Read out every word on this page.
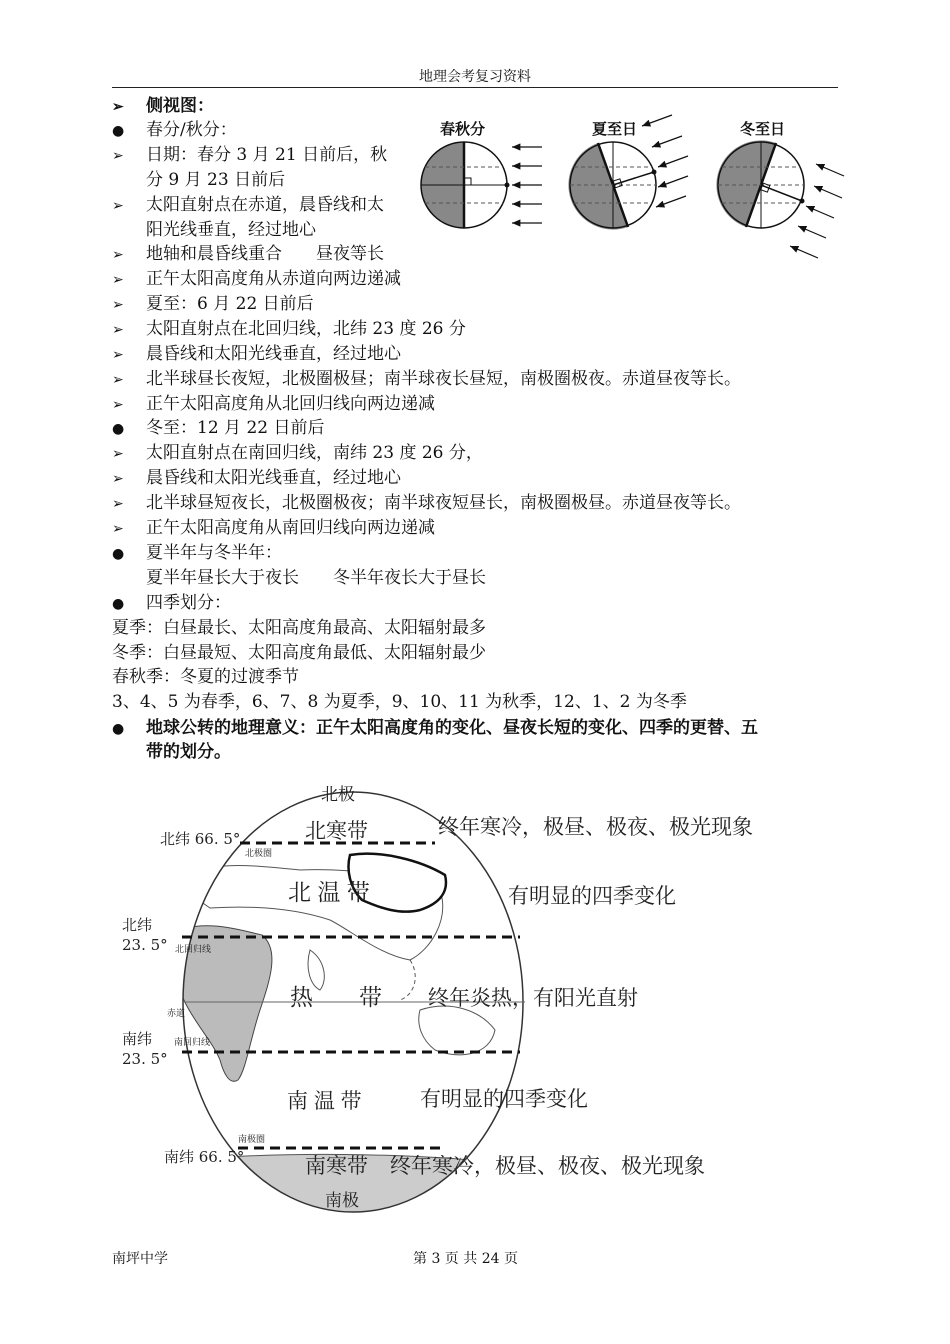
地理会考复习资料
➢ 侧视图：
● 春分/秋分：
➢ 日期：春分 3 月 21 日前后，秋
分 9 月 23 日前后
➢ 太阳直射点在赤道，晨昏线和太
阳光线垂直，经过地心
➢ 地轴和晨昏线重合　　昼夜等长
➢ 正午太阳高度角从赤道向两边递减
➢ 夏至：6 月 22 日前后
➢ 太阳直射点在北回归线，北纬 23 度 26 分
➢ 晨昏线和太阳光线垂直，经过地心
➢ 北半球昼长夜短，北极圈极昼；南半球夜长昼短，南极圈极夜。赤道昼夜等长。
➢ 正午太阳高度角从北回归线向两边递减
● 冬至：12 月 22 日前后
➢ 太阳直射点在南回归线，南纬 23 度 26 分，
➢ 晨昏线和太阳光线垂直，经过地心
➢ 北半球昼短夜长，北极圈极夜；南半球夜短昼长，南极圈极昼。赤道昼夜等长。
➢ 正午太阳高度角从南回归线向两边递减
● 夏半年与冬半年：
夏半年昼长大于夜长　　冬半年夜长大于昼长
● 四季划分：
夏季：白昼最长、太阳高度角最高、太阳辐射最多
冬季：白昼最短、太阳高度角最低、太阳辐射最少
春秋季：冬夏的过渡季节
3、4、5 为春季，6、7、8 为夏季，9、10、11 为秋季，12、1、2 为冬季
● 地球公转的地理意义：正午太阳高度角的变化、昼夜长短的变化、四季的更替、五
带的划分。
春秋分	夏至日	冬至日
北极
南极
北纬 66. 5°
北纬
23. 5°
南纬
23. 5°
南纬 66. 5°
北极圈
北回归线
赤道
南回归线
南极圈
北寒带	终年寒冷，极昼、极夜、极光现象
北 温 带	有明显的四季变化
热　　带 终年炎热，有阳光直射
南 温 带	有明显的四季变化
南寒带 终年寒冷，极昼、极夜、极光现象
南坪中学	第 3 页 共 24 页
